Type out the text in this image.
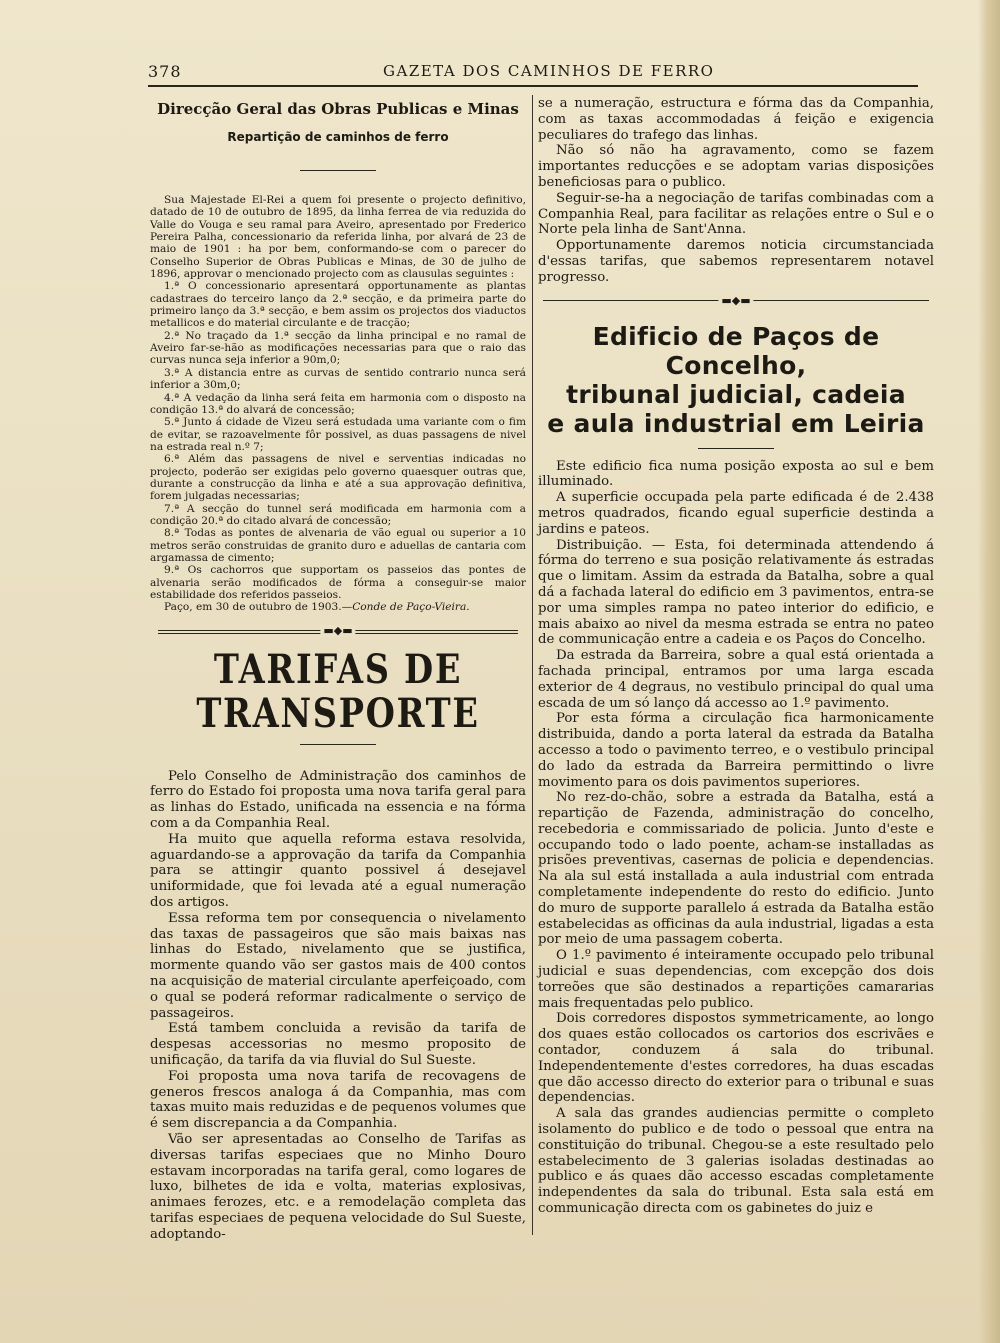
378	GAZETA DOS CAMINHOS DE FERRO
Direcção Geral das Obras Publicas e Minas
Repartição de caminhos de ferro

Sua Majestade El-Rei a quem foi presente o projecto definitivo, datado de 10 de outubro de 1895, da linha ferrea de via reduzida do Valle do Vouga e seu ramal para Aveiro, apresentado por Frederico Pereira Palha, concessionario da referida linha, por alvará de 23 de maio de 1901 : ha por bem, conformando-se com o parecer do Conselho Superior de Obras Publicas e Minas, de 30 de julho de 1896, approvar o mencionado projecto com as clausulas seguintes :

1.ª O concessionario apresentará opportunamente as plantas cadastraes do terceiro lanço da 2.ª secção, e da primeira parte do primeiro lanço da 3.ª secção, e bem assim os projectos dos viaductos metallicos e do material circulante e de tracção;

2.ª No traçado da 1.ª secção da linha principal e no ramal de Aveiro far-se-hão as modificações necessarias para que o raio das curvas nunca seja inferior a 90m,0;

3.ª A distancia entre as curvas de sentido contrario nunca será inferior a 30m,0;

4.ª A vedação da linha será feita em harmonia com o disposto na condição 13.ª do alvará de concessão;

5.ª Junto á cidade de Vizeu será estudada uma variante com o fim de evitar, se razoavelmente fôr possivel, as duas passagens de nivel na estrada real n.º 7;

6.ª Além das passagens de nivel e serventias indicadas no projecto, poderão ser exigidas pelo governo quaesquer outras que, durante a construcção da linha e até a sua approvação definitiva, forem julgadas necessarias;

7.ª A secção do tunnel será modificada em harmonia com a condição 20.ª do citado alvará de concessão;

8.ª Todas as pontes de alvenaria de vão egual ou superior a 10 metros serão construidas de granito duro e aduellas de cantaria com argamassa de cimento;

9.ª Os cachorros que supportam os passeios das pontes de alvenaria serão modificados de fórma a conseguir-se maior estabilidade dos referidos passeios.

Paço, em 30 de outubro de 1903.—Conde de Paço-Vieira.

▬◆▬
TARIFAS DE TRANSPORTE

Pelo Conselho de Administração dos caminhos de ferro do Estado foi proposta uma nova tarifa geral para as linhas do Estado, unificada na essencia e na fórma com a da Companhia Real.

Ha muito que aquella reforma estava resolvida, aguardando-se a approvação da tarifa da Companhia para se attingir quanto possivel á desejavel uniformidade, que foi levada até a egual numeração dos artigos.

Essa reforma tem por consequencia o nivelamento das taxas de passageiros que são mais baixas nas linhas do Estado, nivelamento que se justifica, mormente quando vão ser gastos mais de 400 contos na acquisição de material circulante aperfeiçoado, com o qual se poderá reformar radicalmente o serviço de passageiros.

Está tambem concluida a revisão da tarifa de despesas accessorias no mesmo proposito de unificação, da tarifa da via fluvial do Sul Sueste.

Foi proposta uma nova tarifa de recovagens de generos frescos analoga á da Companhia, mas com taxas muito mais reduzidas e de pequenos volumes que é sem discrepancia a da Companhia.

Vão ser apresentadas ao Conselho de Tarifas as diversas tarifas especiaes que no Minho Douro estavam incorporadas na tarifa geral, como logares de luxo, bilhetes de ida e volta, materias explosivas, animaes ferozes, etc. e a remodelação completa das tarifas especiaes de pequena velocidade do Sul Sueste, adoptando-

se a numeração, estructura e fórma das da Companhia, com as taxas accommodadas á feição e exigencia peculiares do trafego das linhas.

Não só não ha agravamento, como se fazem importantes reducções e se adoptam varias disposições beneficiosas para o publico.

Seguir-se-ha a negociação de tarifas combinadas com a Companhia Real, para facilitar as relações entre o Sul e o Norte pela linha de Sant'Anna.

Opportunamente daremos noticia circumstanciada d'essas tarifas, que sabemos representarem notavel progresso.

▬◆▬
Edificio de Paços de Concelho,
tribunal judicial, cadeia
e aula industrial em Leiria

Este edificio fica numa posição exposta ao sul e bem illuminado.

A superficie occupada pela parte edificada é de 2.438 metros quadrados, ficando egual superficie destinda a jardins e pateos.

Distribuição. — Esta, foi determinada attendendo á fórma do terreno e sua posição relativamente ás estradas que o limitam. Assim da estrada da Batalha, sobre a qual dá a fachada lateral do edificio em 3 pavimentos, entra-se por uma simples rampa no pateo interior do edificio, e mais abaixo ao nivel da mesma estrada se entra no pateo de communicação entre a cadeia e os Paços do Concelho.

Da estrada da Barreira, sobre a qual está orientada a fachada principal, entramos por uma larga escada exterior de 4 degraus, no vestibulo principal do qual uma escada de um só lanço dá accesso ao 1.º pavimento.

Por esta fórma a circulação fica harmonicamente distribuida, dando a porta lateral da estrada da Batalha accesso a todo o pavimento terreo, e o vestibulo principal do lado da estrada da Barreira permittindo o livre movimento para os dois pavimentos superiores.

No rez-do-chão, sobre a estrada da Batalha, está a repartição de Fazenda, administração do concelho, recebedoria e commissariado de policia. Junto d'este e occupando todo o lado poente, acham-se installadas as prisões preventivas, casernas de policia e dependencias. Na ala sul está installada a aula industrial com entrada completamente independente do resto do edificio. Junto do muro de supporte parallelo á estrada da Batalha estão estabelecidas as officinas da aula industrial, ligadas a esta por meio de uma passagem coberta.

O 1.º pavimento é inteiramente occupado pelo tribunal judicial e suas dependencias, com excepção dos dois torreões que são destinados a repartições camararias mais frequentadas pelo publico.

Dois corredores dispostos symmetricamente, ao longo dos quaes estão collocados os cartorios dos escrivães e contador, conduzem á sala do tribunal. Independentemente d'estes corredores, ha duas escadas que dão accesso directo do exterior para o tribunal e suas dependencias.

A sala das grandes audiencias permitte o completo isolamento do publico e de todo o pessoal que entra na constituição do tribunal. Chegou-se a este resultado pelo estabelecimento de 3 galerias isoladas destinadas ao publico e ás quaes dão accesso escadas completamente independentes da sala do tribunal. Esta sala está em communicação directa com os gabinetes do juiz e
